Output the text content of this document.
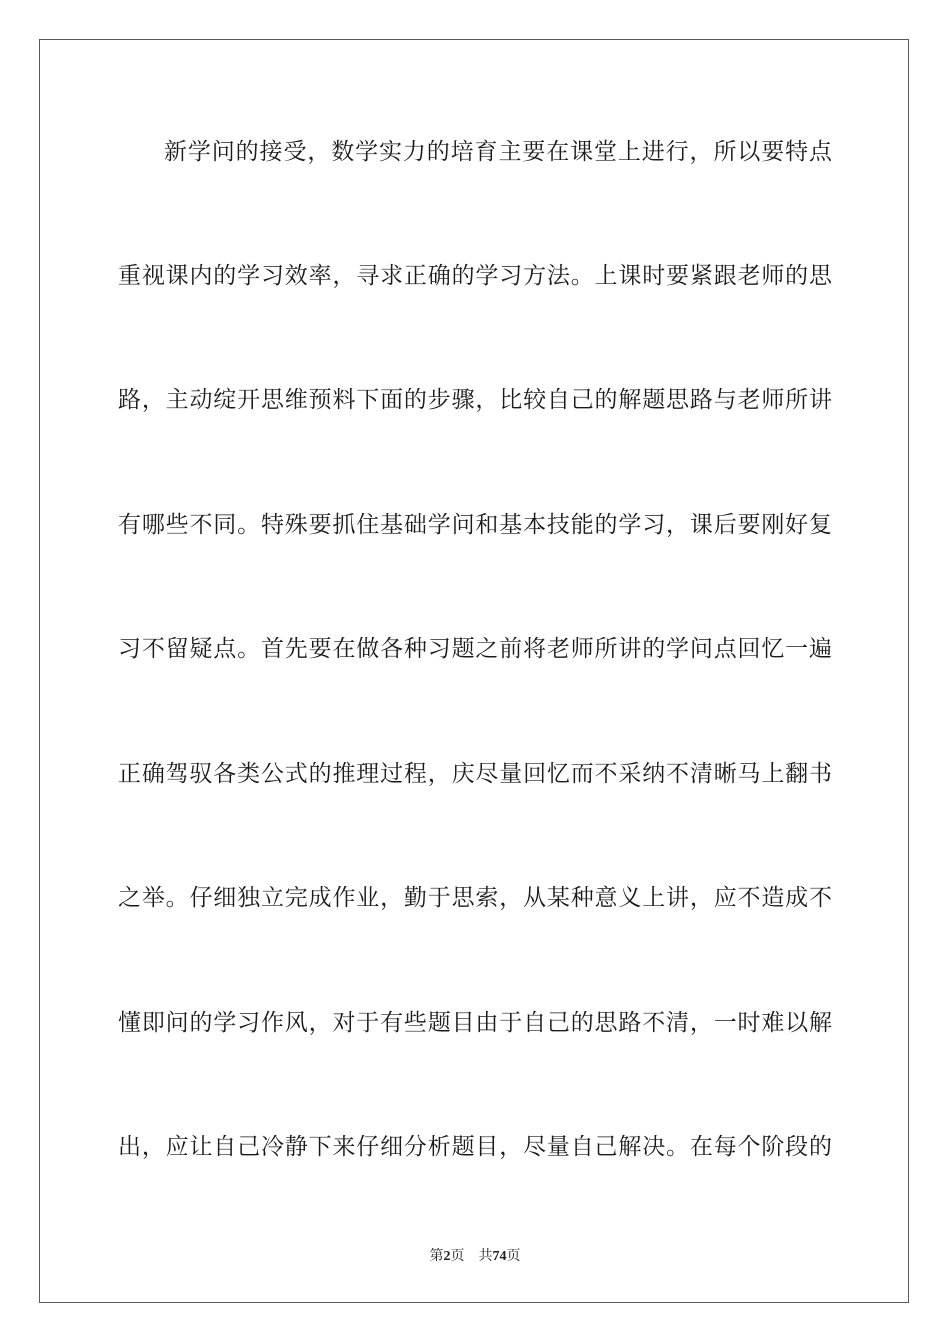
新学问的接受，数学实力的培育主要在课堂上进行，所以要特点
重视课内的学习效率，寻求正确的学习方法。上课时要紧跟老师的思
路，主动绽开思维预料下面的步骤，比较自己的解题思路与老师所讲
有哪些不同。特殊要抓住基础学问和基本技能的学习，课后要刚好复
习不留疑点。首先要在做各种习题之前将老师所讲的学问点回忆一遍
正确驾驭各类公式的推理过程，庆尽量回忆而不采纳不清晰马上翻书
之举。仔细独立完成作业，勤于思索，从某种意义上讲，应不造成不
懂即问的学习作风，对于有些题目由于自己的思路不清，一时难以解
出，应让自己冷静下来仔细分析题目，尽量自己解决。在每个阶段的
第2页 共74页
